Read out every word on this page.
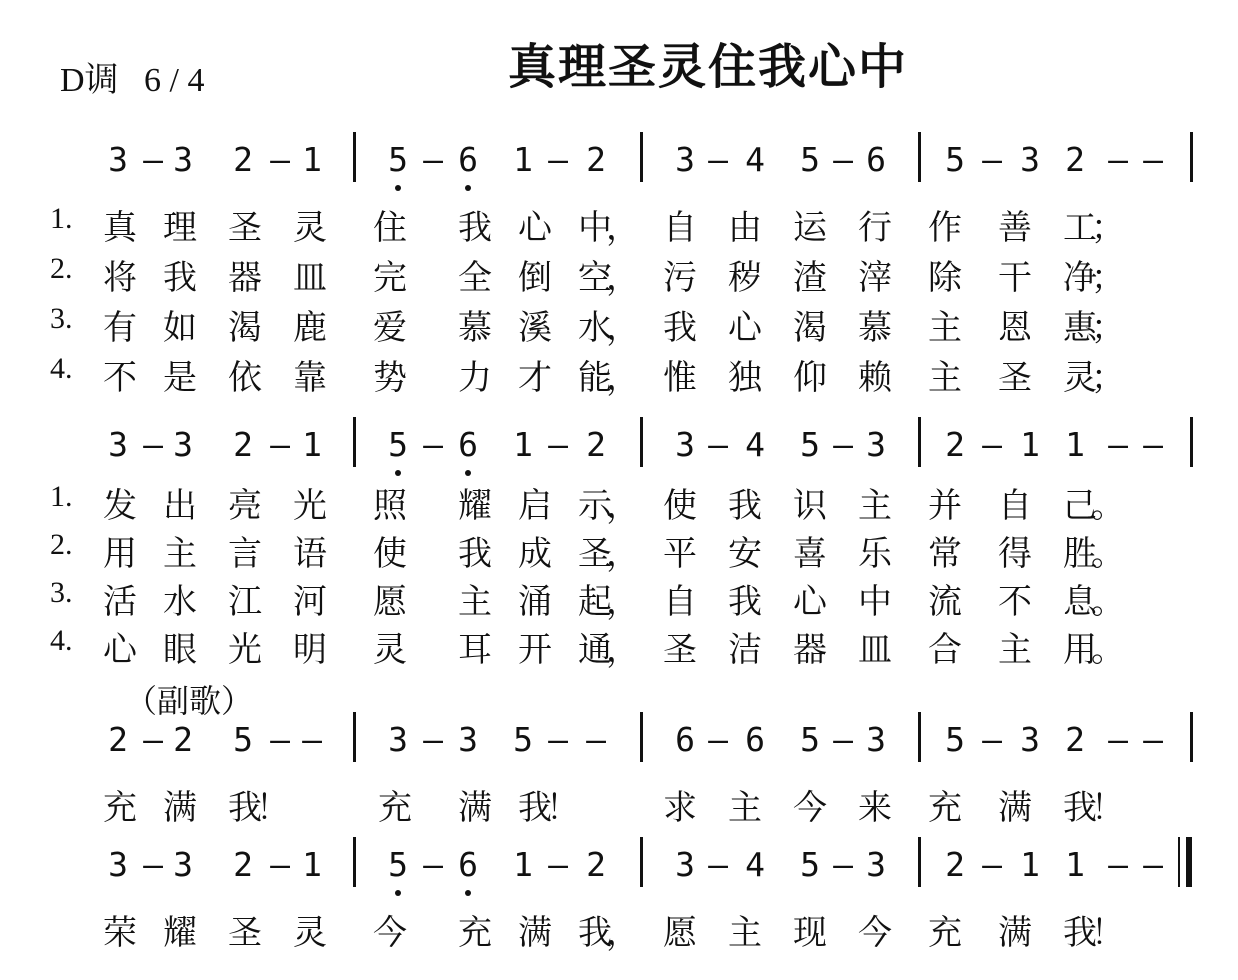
D调   6 / 4	真理圣灵住我心中
3 – 3 2 – 1 5 – 6 1 – 2 3 – 4 5 – 6 5 – 3 2 – –
1. 真 理 圣 灵 住 我 心 中
， 自 由 运 行 作 善 工
；
2. 将 我 器 皿 完 全 倒 空
， 污 秽 渣 滓 除 干 净
；
3. 有 如 渴 鹿 爱 慕 溪 水
， 我 心 渴 慕 主 恩 惠
；
4. 不 是 依 靠 势 力 才 能
， 惟 独 仰 赖 主 圣 灵
；
3 – 3 2 – 1 5 – 6 1 – 2 3 – 4 5 – 3 2 – 1 1 – –
1. 发 出 亮 光 照 耀 启 示
， 使 我 识 主 并 自 己
。
2. 用 主 言 语 使 我 成 圣
， 平 安 喜 乐 常 得 胜
。
3. 活 水 江 河 愿 主 涌 起
， 自 我 心 中 流 不 息
。
4. 心 眼 光 明 灵 耳 开 通
， 圣 洁 器 皿 合 主 用
。
（副歌）
2 – 2 5 – – 3 – 3 5 – – 6 – 6 5 – 3 5 – 3 2 – –
充 满 我
！	充 满 我
！ 求 主 今 来 充 满 我
！
3 – 3 2 – 1 5 – 6 1 – 2 3 – 4 5 – 3 2 – 1 1 – –
荣 耀 圣 灵 今 充 满 我
， 愿 主 现 今 充 满 我
！
